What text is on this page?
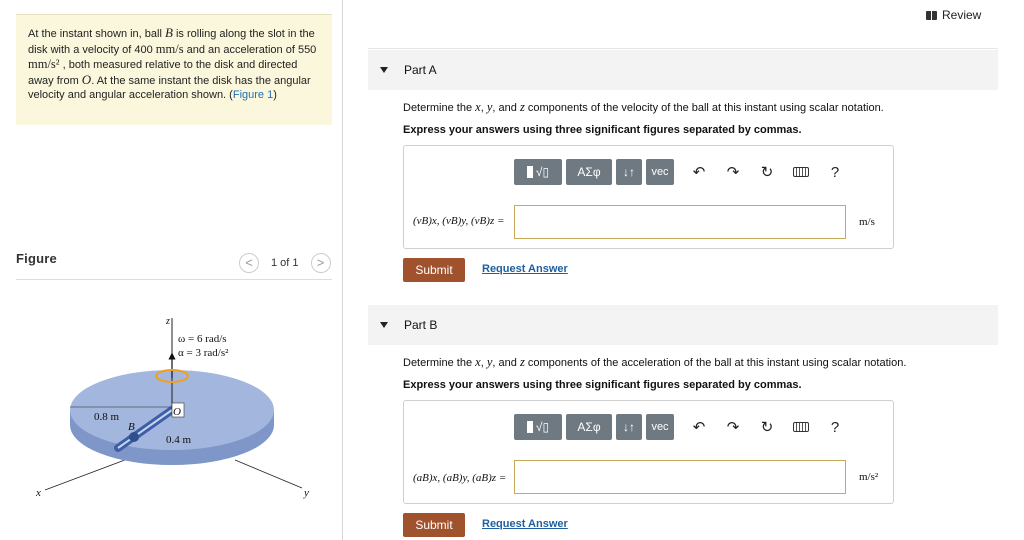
At the instant shown in, ball B is rolling along the slot in the disk with a velocity of 400 mm/s and an acceleration of 550 mm/s² , both measured relative to the disk and directed away from O. At the same instant the disk has the angular velocity and angular acceleration shown. (Figure 1)
Figure	<	1 of 1	>
z
x	y
ω = 6 rad/s
α = 3 rad/s²
0.8 m
B
O
0.4 m
Review
Part A
Determine the x, y, and z components of the velocity of the ball at this instant using scalar notation.
Express your answers using three significant figures separated by commas.
√▯	ΑΣφ	↓↑	vec	↶	↷	↻	?
(vB)x, (vB)y, (vB)z =	m/s
Submit	Request Answer
Part B
Determine the x, y, and z components of the acceleration of the ball at this instant using scalar notation.
Express your answers using three significant figures separated by commas.
√▯	ΑΣφ	↓↑	vec	↶	↷	↻	?
(aB)x, (aB)y, (aB)z =	m/s²
Submit	Request Answer
